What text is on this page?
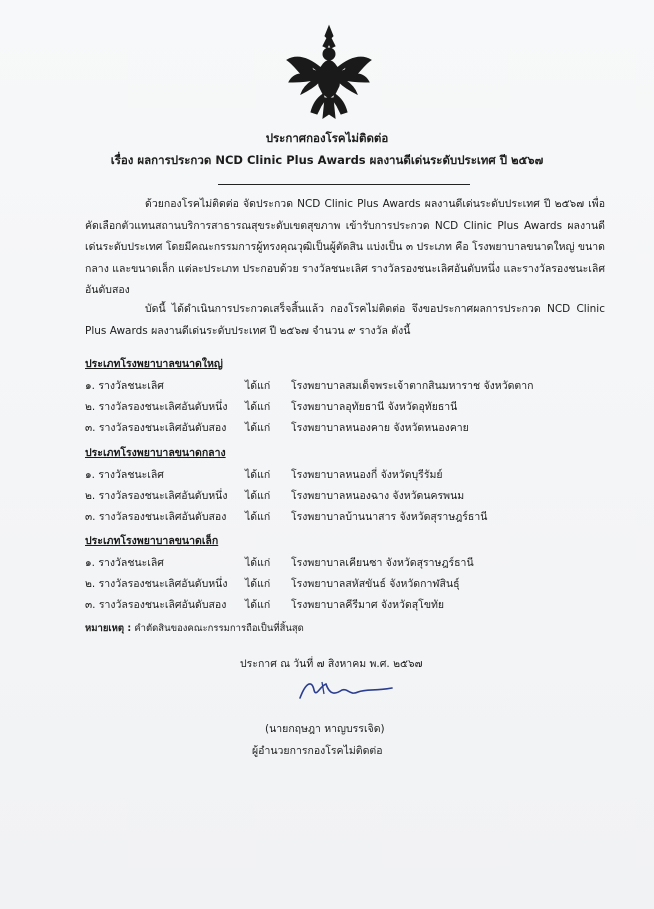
ประกาศกองโรคไม่ติดต่อ
เรื่อง ผลการประกวด NCD Clinic Plus Awards ผลงานดีเด่นระดับประเทศ ปี ๒๕๖๗

ด้วยกองโรคไม่ติดต่อ จัดประกวด NCD Clinic Plus Awards ผลงานดีเด่นระดับประเทศ ปี ๒๕๖๗ เพื่อคัดเลือกตัวแทนสถานบริการสาธารณสุขระดับเขตสุขภาพ เข้ารับการประกวด NCD Clinic Plus Awards ผลงานดีเด่นระดับประเทศ โดยมีคณะกรรมการผู้ทรงคุณวุฒิเป็นผู้ตัดสิน แบ่งเป็น ๓ ประเภท คือ โรงพยาบาลขนาดใหญ่ ขนาดกลาง และขนาดเล็ก แต่ละประเภท ประกอบด้วย รางวัลชนะเลิศ รางวัลรองชนะเลิศอันดับหนึ่ง และรางวัลรองชนะเลิศอันดับสอง

บัดนี้ ได้ดำเนินการประกวดเสร็จสิ้นแล้ว กองโรคไม่ติดต่อ จึงขอประกาศผลการประกวด NCD Clinic Plus Awards ผลงานดีเด่นระดับประเทศ ปี ๒๕๖๗ จำนวน ๙ รางวัล ดังนี้

ประเภทโรงพยาบาลขนาดใหญ่
๑. รางวัลชนะเลิศ	ได้แก่ โรงพยาบาลสมเด็จพระเจ้าตากสินมหาราช จังหวัดตาก
๒. รางวัลรองชนะเลิศอันดับหนึ่ง ได้แก่ โรงพยาบาลอุทัยธานี จังหวัดอุทัยธานี
๓. รางวัลรองชนะเลิศอันดับสอง ได้แก่ โรงพยาบาลหนองคาย จังหวัดหนองคาย
ประเภทโรงพยาบาลขนาดกลาง
๑. รางวัลชนะเลิศ	ได้แก่ โรงพยาบาลหนองกี่ จังหวัดบุรีรัมย์
๒. รางวัลรองชนะเลิศอันดับหนึ่ง ได้แก่ โรงพยาบาลหนองฉาง จังหวัดนครพนม
๓. รางวัลรองชนะเลิศอันดับสอง ได้แก่ โรงพยาบาลบ้านนาสาร จังหวัดสุราษฎร์ธานี
ประเภทโรงพยาบาลขนาดเล็ก
๑. รางวัลชนะเลิศ	ได้แก่ โรงพยาบาลเคียนซา จังหวัดสุราษฎร์ธานี
๒. รางวัลรองชนะเลิศอันดับหนึ่ง ได้แก่ โรงพยาบาลสหัสขันธ์ จังหวัดกาฬสินธุ์
๓. รางวัลรองชนะเลิศอันดับสอง ได้แก่ โรงพยาบาลคีรีมาศ จังหวัดสุโขทัย
หมายเหตุ : คำตัดสินของคณะกรรมการถือเป็นที่สิ้นสุด
ประกาศ ณ วันที่ ๗ สิงหาคม พ.ศ. ๒๕๖๗
(นายกฤษฎา หาญบรรเจิด)
ผู้อำนวยการกองโรคไม่ติดต่อ
